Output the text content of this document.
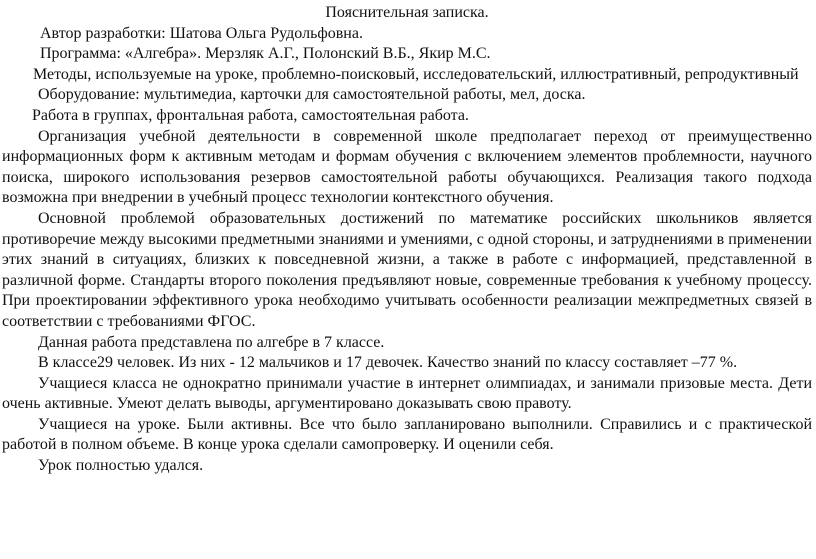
Пояснительная записка.

Автор разработки: Шатова Ольга Рудольфовна.

Программа: «Алгебра». Мерзляк А.Г., Полонский В.Б., Якир М.С.

Методы, используемые на уроке, проблемно-поисковый, исследовательский, иллюстративный, репродуктивный

Оборудование: мультимедиа, карточки для самостоятельной работы, мел, доска.

Работа в группах, фронтальная работа, самостоятельная работа.

Организация учебной деятельности в современной школе предполагает переход от преимущественно информационных форм к активным методам и формам обучения с включением элементов проблемности, научного поиска, широкого использования резервов самостоятельной работы обучающихся. Реализация такого подхода возможна при внедрении в учебный процесс технологии контекстного обучения.

Основной проблемой образовательных достижений по математике российских школьников является противоречие между высокими предметными знаниями и умениями, с одной стороны, и затруднениями в применении этих знаний в ситуациях, близких к повседневной жизни, а также в работе с информацией, представленной в различной форме. Стандарты второго поколения предъявляют новые, современные требования к учебному процессу. При проектировании эффективного урока необходимо учитывать особенности реализации межпредметных связей в соответствии с требованиями ФГОС.

Данная работа представлена по алгебре в 7 классе.

В классе29 человек. Из них - 12 мальчиков и 17 девочек. Качество знаний по классу составляет –77 %.

Учащиеся класса не однократно принимали участие в интернет олимпиадах, и занимали призовые места. Дети очень активные. Умеют делать выводы, аргументировано доказывать свою правоту.

Учащиеся на уроке. Были активны. Все что было запланировано выполнили. Справились и с практической работой в полном объеме. В конце урока сделали самопроверку. И оценили себя.

Урок полностью удался.
